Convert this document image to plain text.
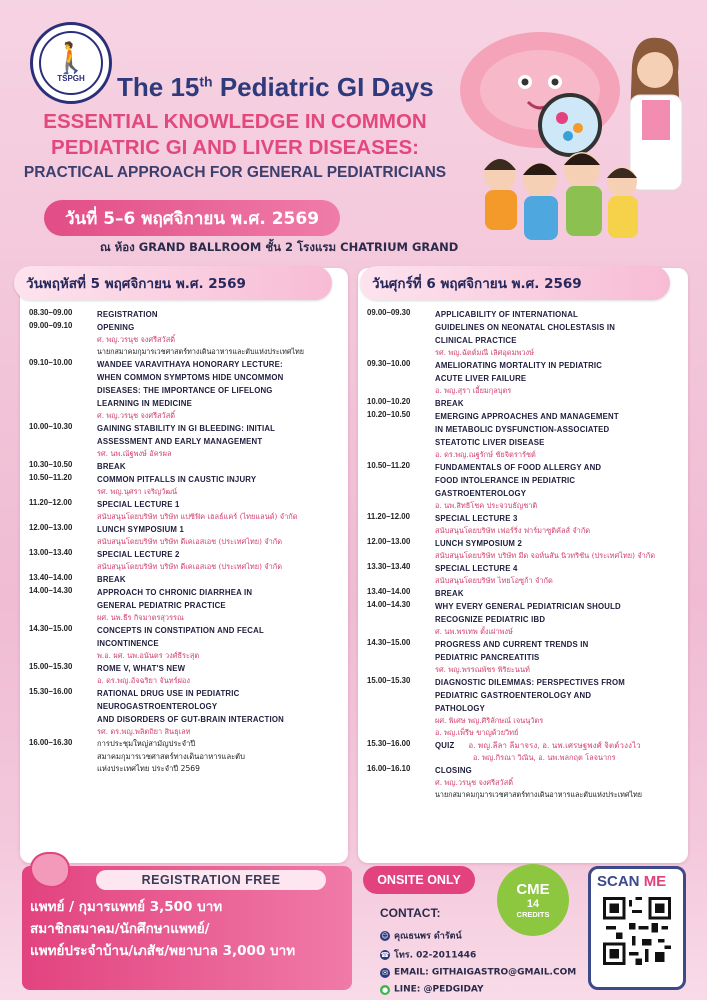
🚶
TSPGH The 15th Pediatric GI Days
ESSENTIAL KNOWLEDGE IN COMMON
PEDIATRIC GI AND LIVER DISEASES:
PRACTICAL APPROACH FOR GENERAL PEDIATRICIANS
วันที่ 5–6 พฤศจิกายน พ.ศ. 2569
ณ ห้อง GRAND BALLROOM ชั้น 2 โรงแรม CHATRIUM GRAND
วันพฤหัสที่ 5 พฤศจิกายน พ.ศ. 2569
08.30–09.00	REGISTRATION
09.00–09.10	OPENING
ศ. พญ.วรนุช จงศรีสวัสดิ์
นายกสมาคมกุมารเวชศาสตร์ทางเดินอาหารและตับแห่งประเทศไทย
09.10–10.00	WANDEE VARAVITHAYA HONORARY LECTURE:
WHEN COMMON SYMPTOMS HIDE UNCOMMON
DISEASES: THE IMPORTANCE OF LIFELONG
LEARNING IN MEDICINE
ศ. พญ.วรนุช จงศรีสวัสดิ์
10.00–10.30	GAINING STABILITY IN GI BLEEDING: INITIAL
ASSESSMENT AND EARLY MANAGEMENT
รศ. นพ.ณัฐพงษ์ อัครผล
10.30–10.50	BREAK
10.50–11.20	COMMON PITFALLS IN CAUSTIC INJURY
รศ. พญ.นุศรา เจริญวัฒน์
11.20–12.00	SPECIAL LECTURE 1
สนับสนุนโดยบริษัท บริษัท แปซิฟิค เฮลธ์แคร์ (ไทยแลนด์) จำกัด
12.00–13.00	LUNCH SYMPOSIUM 1
สนับสนุนโดยบริษัท บริษัท ดีเคเอสเอช (ประเทศไทย) จำกัด
13.00–13.40	SPECIAL LECTURE 2
สนับสนุนโดยบริษัท บริษัท ดีเคเอสเอช (ประเทศไทย) จำกัด
13.40–14.00	BREAK
14.00–14.30	APPROACH TO CHRONIC DIARRHEA IN
GENERAL PEDIATRIC PRACTICE
ผศ. นพ.ธีร กิจมาตรสุวรรณ
14.30–15.00	CONCEPTS IN CONSTIPATION AND FECAL
INCONTINENCE
พ.อ. ผศ. นพ.อนันตร วงศ์ธีระสุต
15.00–15.30	ROME V, WHAT'S NEW
อ. ดร.พญ.อัจฉริยา จันทร์ผ่อง
15.30–16.00	RATIONAL DRUG USE IN PEDIATRIC
NEUROGASTROENTEROLOGY
AND DISORDERS OF GUT-BRAIN INTERACTION
รศ. ดร.พญ.พลิตถิยา สินธุเลท
16.00–16.30	การประชุมใหญ่สามัญประจำปี
สมาคมกุมารเวชศาสตร์ทางเดินอาหารและตับ
แห่งประเทศไทย ประจำปี 2569
วันศุกร์ที่ 6 พฤศจิกายน พ.ศ. 2569
09.00–09.30	APPLICABILITY OF INTERNATIONAL
GUIDELINES ON NEONATAL CHOLESTASIS IN
CLINICAL PRACTICE
รศ. พญ.ฉัตต์มณี เลิศอุดมพวงษ์
09.30–10.00	AMELIORATING MORTALITY IN PEDIATRIC
ACUTE LIVER FAILURE
อ. พญ.สุรา เอี้ยมกุลบุตร
10.00–10.20	BREAK
10.20–10.50	EMERGING APPROACHES AND MANAGEMENT
IN METABOLIC DYSFUNCTION-ASSOCIATED
STEATOTIC LIVER DISEASE
อ. ดร.พญ.ณฐรักษ์ ชัยจิตรารัชต์
10.50–11.20	FUNDAMENTALS OF FOOD ALLERGY AND
FOOD INTOLERANCE IN PEDIATRIC
GASTROENTEROLOGY
อ. นพ.สิทธิโชค ประจวบธัญชาติ
11.20–12.00	SPECIAL LECTURE 3
สนับสนุนโดยบริษัท เฟอร์ริ่ง ฟาร์มาซูติคัลส์ จำกัด
12.00–13.00	LUNCH SYMPOSIUM 2
สนับสนุนโดยบริษัท บริษัท มีด จอห์นสัน นิวทริชัน (ประเทศไทย) จำกัด
13.30–13.40	SPECIAL LECTURE 4
สนับสนุนโดยบริษัท ไทยโอซูก้า จำกัด
13.40–14.00	BREAK
14.00–14.30	WHY EVERY GENERAL PEDIATRICIAN SHOULD
RECOGNIZE PEDIATRIC IBD
ศ. นพ.พรเทพ ตั้งเผ่าพงษ์
14.30–15.00	PROGRESS AND CURRENT TRENDS IN
PEDIATRIC PANCREATITIS
รศ. พญ.พรรณพัชร พิริยะนนท์
15.00–15.30	DIAGNOSTIC DILEMMAS: PERSPECTIVES FROM
PEDIATRIC GASTROENTEROLOGY AND
PATHOLOGY
ผศ. พิเศษ พญ.ศิริลักษณ์ เจนนุวัตร
อ. พญ.เพ็รีษ ขาญด้วยวิทย์
15.30–16.00	QUIZ อ. พญ.ลีลา ลีมาจรง, อ. นพ.เศรษฐพงศ์ จิตต์วงงไว
อ. พญ.กิรณา วิณิน, อ. นพ.พลกฤต โลจนากร
16.00–16.10	CLOSING
ศ. พญ.วรนุช จงศรีสวัสดิ์
นายกสมาคมกุมารเวชศาสตร์ทางเดินอาหารและตับแห่งประเทศไทย
REGISTRATION FREE
แพทย์ / กุมารแพทย์ 3,500 บาท
สมาชิกสมาคม/นักศึกษาแพทย์/
แพทย์ประจำบ้าน/เภสัช/พยาบาล 3,000 บาท
ONSITE ONLY
CME
14
CREDITS
CONTACT:
☺ คุณธนพร ดำรัตน์
☎ โทร. 02-2011446
✉ EMAIL: GITHAIGASTRO@GMAIL.COM
● LINE: @PEDGIDAY
SCAN ME
